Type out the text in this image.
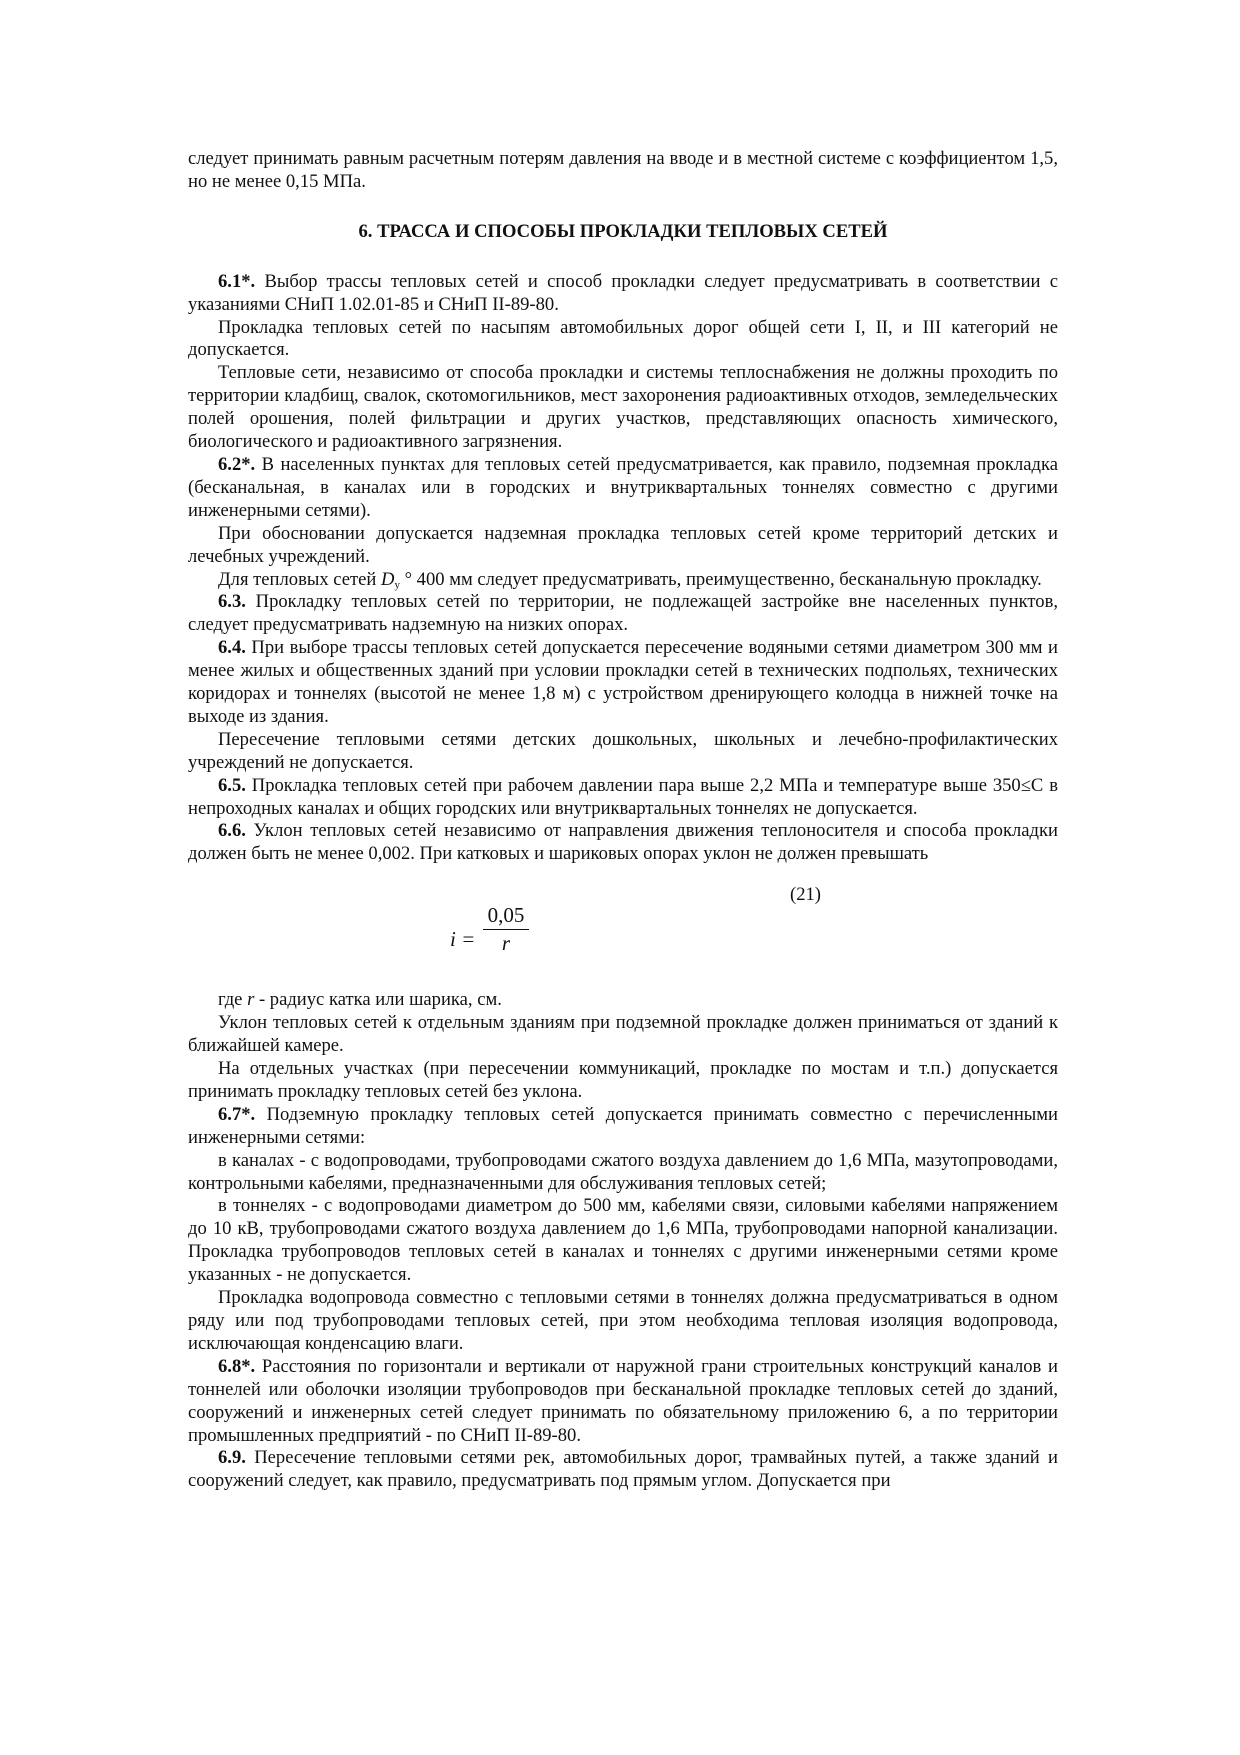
следует принимать равным расчетным потерям давления на вводе и в местной системе с коэффициентом 1,5, но не менее 0,15 МПа.

6. ТРАССА И СПОСОБЫ ПРОКЛАДКИ ТЕПЛОВЫХ СЕТЕЙ

6.1*. Выбор трассы тепловых сетей и способ прокладки следует предусматривать в соответствии с указаниями СНиП 1.02.01-85 и СНиП II-89-80.

Прокладка тепловых сетей по насыпям автомобильных дорог общей сети I, II, и III категорий не допускается.

Тепловые сети, независимо от способа прокладки и системы теплоснабжения не должны проходить по территории кладбищ, свалок, скотомогильников, мест захоронения радиоактивных отходов, земледельческих полей орошения, полей фильтрации и других участков, представляющих опасность химического, биологического и радиоактивного загрязнения.

6.2*. В населенных пунктах для тепловых сетей предусматривается, как правило, подземная прокладка (бесканальная, в каналах или в городских и внутриквартальных тоннелях совместно с другими инженерными сетями).

При обосновании допускается надземная прокладка тепловых сетей кроме территорий детских и лечебных учреждений.

Для тепловых сетей $D_y$ ° 400 мм следует предусматривать, преимущественно, бесканальную прокладку.

6.3. Прокладку тепловых сетей по территории, не подлежащей застройке вне населенных пунктов, следует предусматривать надземную на низких опорах.

6.4. При выборе трассы тепловых сетей допускается пересечение водяными сетями диаметром 300 мм и менее жилых и общественных зданий при условии прокладки сетей в технических подпольях, технических коридорах и тоннелях (высотой не менее 1,8 м) с устройством дренирующего колодца в нижней точке на выходе из здания.

Пересечение тепловыми сетями детских дошкольных, школьных и лечебно-профилактических учреждений не допускается.

6.5. Прокладка тепловых сетей при рабочем давлении пара выше 2,2 МПа и температуре выше 350≤C в непроходных каналах и общих городских или внутриквартальных тоннелях не допускается.

6.6. Уклон тепловых сетей независимо от направления движения теплоносителя и способа прокладки должен быть не менее 0,002. При катковых и шариковых опорах уклон не должен превышать

(21)
$i = \frac{0,05}{r}$

где r - радиус катка или шарика, см.

Уклон тепловых сетей к отдельным зданиям при подземной прокладке должен приниматься от зданий к ближайшей камере.

На отдельных участках (при пересечении коммуникаций, прокладке по мостам и т.п.) допускается принимать прокладку тепловых сетей без уклона.

6.7*. Подземную прокладку тепловых сетей допускается принимать совместно с перечисленными инженерными сетями:

в каналах - с водопроводами, трубопроводами сжатого воздуха давлением до 1,6 МПа, мазутопроводами, контрольными кабелями, предназначенными для обслуживания тепловых сетей;

в тоннелях - с водопроводами диаметром до 500 мм, кабелями связи, силовыми кабелями напряжением до 10 кВ, трубопроводами сжатого воздуха давлением до 1,6 МПа, трубопроводами напорной канализации. Прокладка трубопроводов тепловых сетей в каналах и тоннелях с другими инженерными сетями кроме указанных - не допускается.

Прокладка водопровода совместно с тепловыми сетями в тоннелях должна предусматриваться в одном ряду или под трубопроводами тепловых сетей, при этом необходима тепловая изоляция водопровода, исключающая конденсацию влаги.

6.8*. Расстояния по горизонтали и вертикали от наружной грани строительных конструкций каналов и тоннелей или оболочки изоляции трубопроводов при бесканальной прокладке тепловых сетей до зданий, сооружений и инженерных сетей следует принимать по обязательному приложению 6, а по территории промышленных предприятий - по СНиП II-89-80.

6.9. Пересечение тепловыми сетями рек, автомобильных дорог, трамвайных путей, а также зданий и сооружений следует, как правило, предусматривать под прямым углом. Допускается при
